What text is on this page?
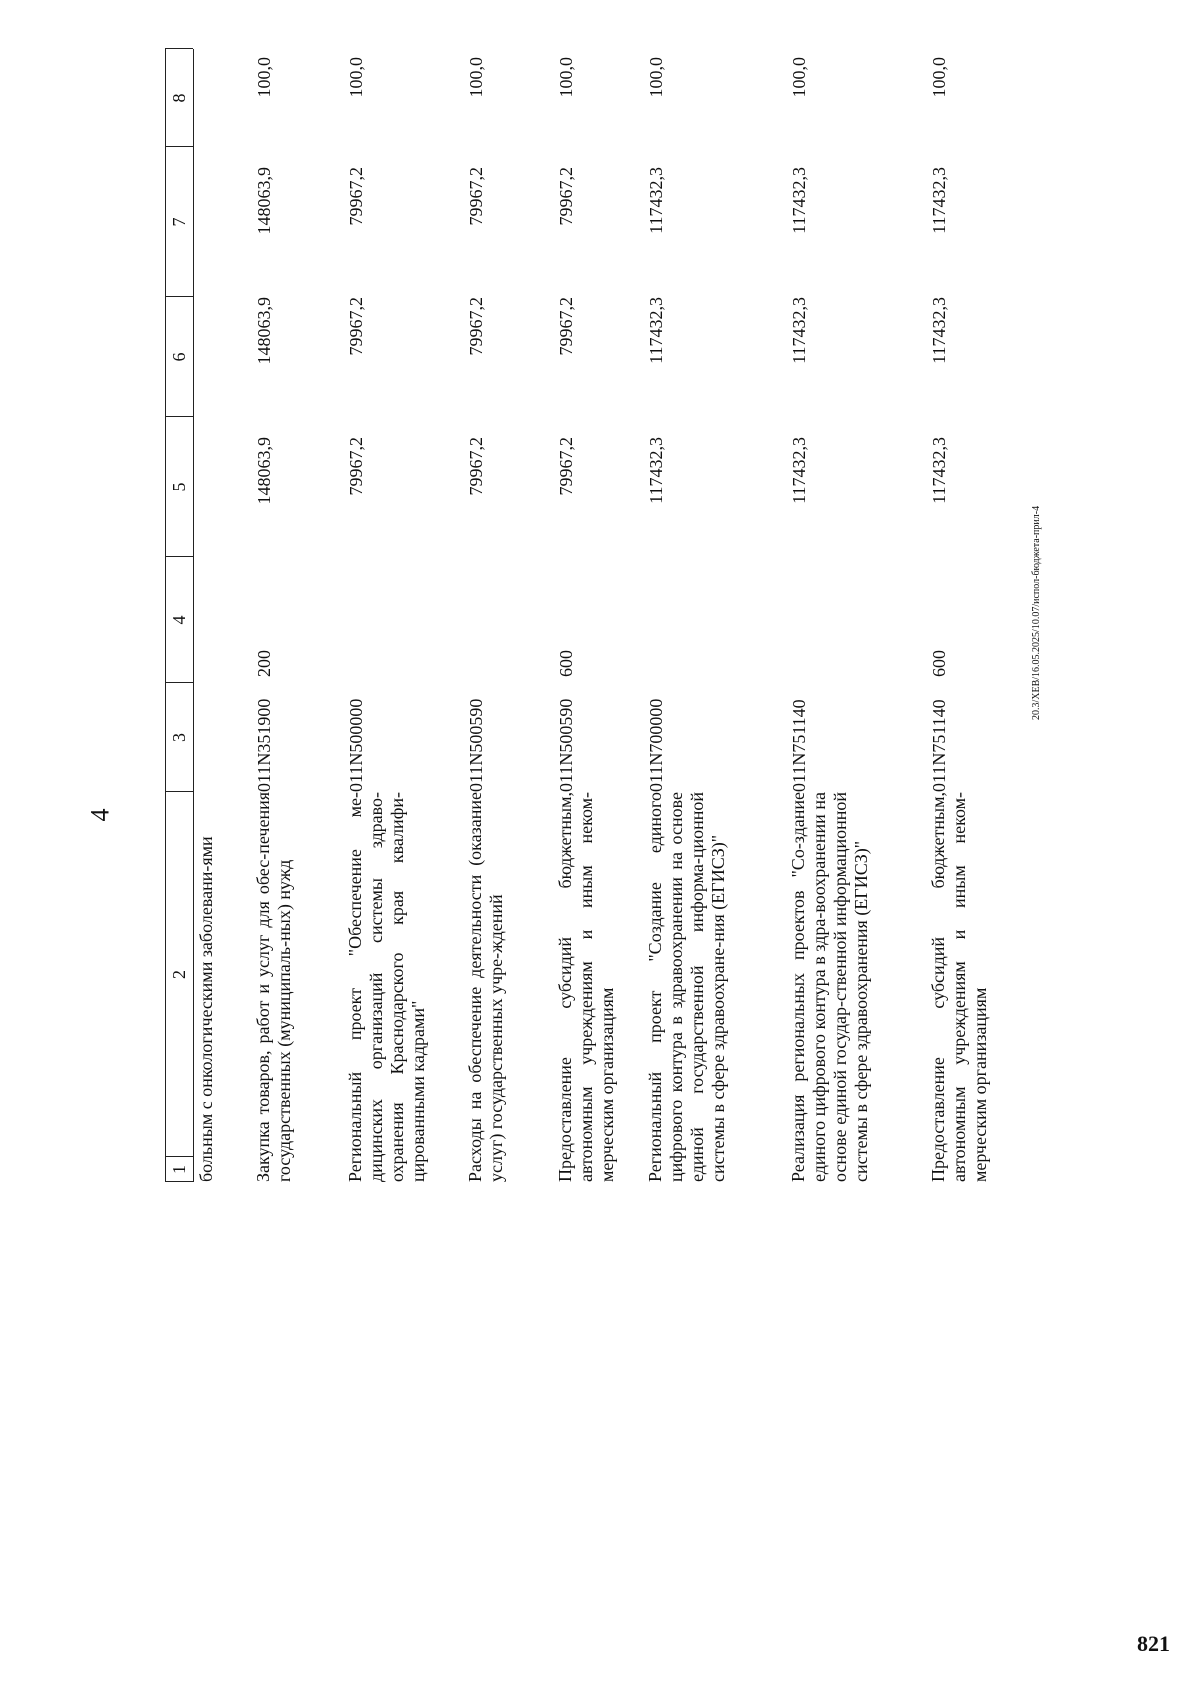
1
2
3
4
5
6
7
8
больным с онкологическими заболевани-ями Закупка товаров, работ и услуг для обес-печения государственных (муниципаль-ных) нужд
011N351900
200
148063,9
148063,9
148063,9
100,0
Региональный проект "Обеспечение ме-дицинских организаций системы здраво-охранения Краснодарского края квалифи-цированными кадрами"
011N500000
79967,2
79967,2
79967,2
100,0
Расходы на обеспечение деятельности (оказание услуг) государственных учре-ждений
011N500590
79967,2
79967,2
79967,2
100,0
Предоставление субсидий бюджетным, автономным учреждениям и иным неком-мерческим организациям
011N500590
600
79967,2
79967,2
79967,2
100,0
Региональный проект "Создание единого цифрового контура в здравоохранении на основе единой государственной информа-ционной системы в сфере здравоохране-ния (ЕГИСЗ)"
011N700000
117432,3
117432,3
117432,3
100,0
Реализация региональных проектов "Со-здание единого цифрового контура в здра-воохранении на основе единой государ-ственной информационной системы в сфере здравоохранения (ЕГИСЗ)"
011N751140
117432,3
117432,3
117432,3
100,0
Предоставление субсидий бюджетным, автономным учреждениям и иным неком-мерческим организациям
011N751140
600
117432,3
117432,3
117432,3
100,0
4
20.3/ХЕВ/16.05.2025/10.07/испол-бюджета-прил-4
821
